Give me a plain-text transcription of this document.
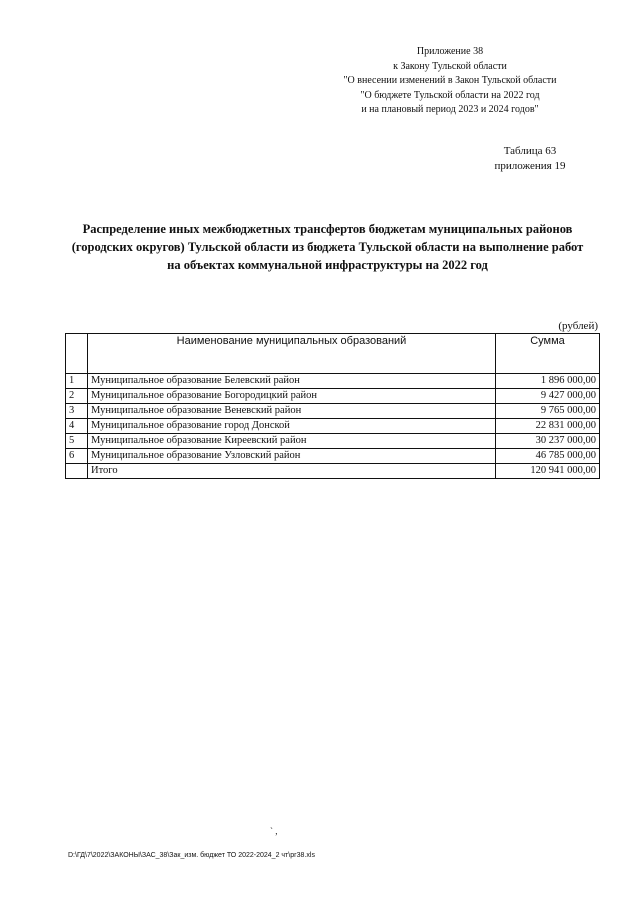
Приложение 38
к Закону Тульской области
"О внесении изменений в Закон Тульской области
"О бюджете Тульской области на 2022 год
и на плановый период 2023 и 2024 годов"
Таблица 63
приложения 19
Распределение иных межбюджетных трансфертов бюджетам муниципальных районов
(городских округов) Тульской области из бюджета Тульской области на выполнение работ
на объектах коммунальной инфраструктуры на 2022 год
(рублей)
	Наименование муниципальных образований	Сумма
1	Муниципальное образование Белевский район	1 896 000,00
2	Муниципальное образование Богородицкий район	9 427 000,00
3	Муниципальное образование Веневский район	9 765 000,00
4	Муниципальное образование город Донской	22 831 000,00
5	Муниципальное образование Киреевский район	30 237 000,00
6	Муниципальное образование Узловский район	46 785 000,00
	Итого	120 941 000,00
` ,
D:\ГД\7\2022\ЗАКОНЫ\ЗАС_38\Зак_изм. бюджет ТО 2022-2024_2 чт\рг38.xls
